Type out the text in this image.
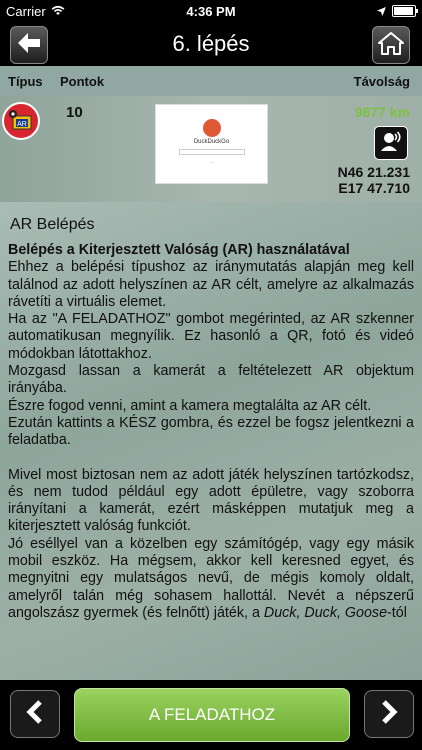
Carrier	4:36 PM
6. lépés
Típus Pontok	Távolság
AR
10
DuckDuckGo
—
9877 km
N46 21.231
E17 47.710
AR Belépés

Belépés a Kiterjesztett Valóság (AR) használatával

Ehhez a belépési típushoz az iránymutatás alapján meg kell találnod az adott helyszínen az AR célt, amelyre az alkalmazás rávetíti a virtuális elemet.

Ha az "A FELADATHOZ" gombot megérinted, az AR szkenner automatikusan megnyílik. Ez hasonló a QR, fotó és videó módokban látottakhoz.

Mozgasd lassan a kamerát a feltételezett AR objektum irányába.

Észre fogod venni, amint a kamera megtalálta az AR célt.

Ezután kattints a KÉSZ gombra, és ezzel be fogsz jelentkezni a feladatba.

Mivel most biztosan nem az adott játék helyszínen tartózkodsz, és nem tudod például egy adott épületre, vagy szoborra irányítani a kamerát, ezért másképpen mutatjuk meg a kiterjesztett valóság funkciót.

Jó eséllyel van a közelben egy számítógép, vagy egy másik mobil eszköz. Ha mégsem, akkor kell keresned egyet, és megnyitni egy mulatságos nevű, de mégis komoly oldalt, amelyről talán még sohasem hallottál. Nevét a népszerű angolszász gyermek (és felnőtt) játék, a Duck, Duck, Goose-tól

A FELADATHOZ
